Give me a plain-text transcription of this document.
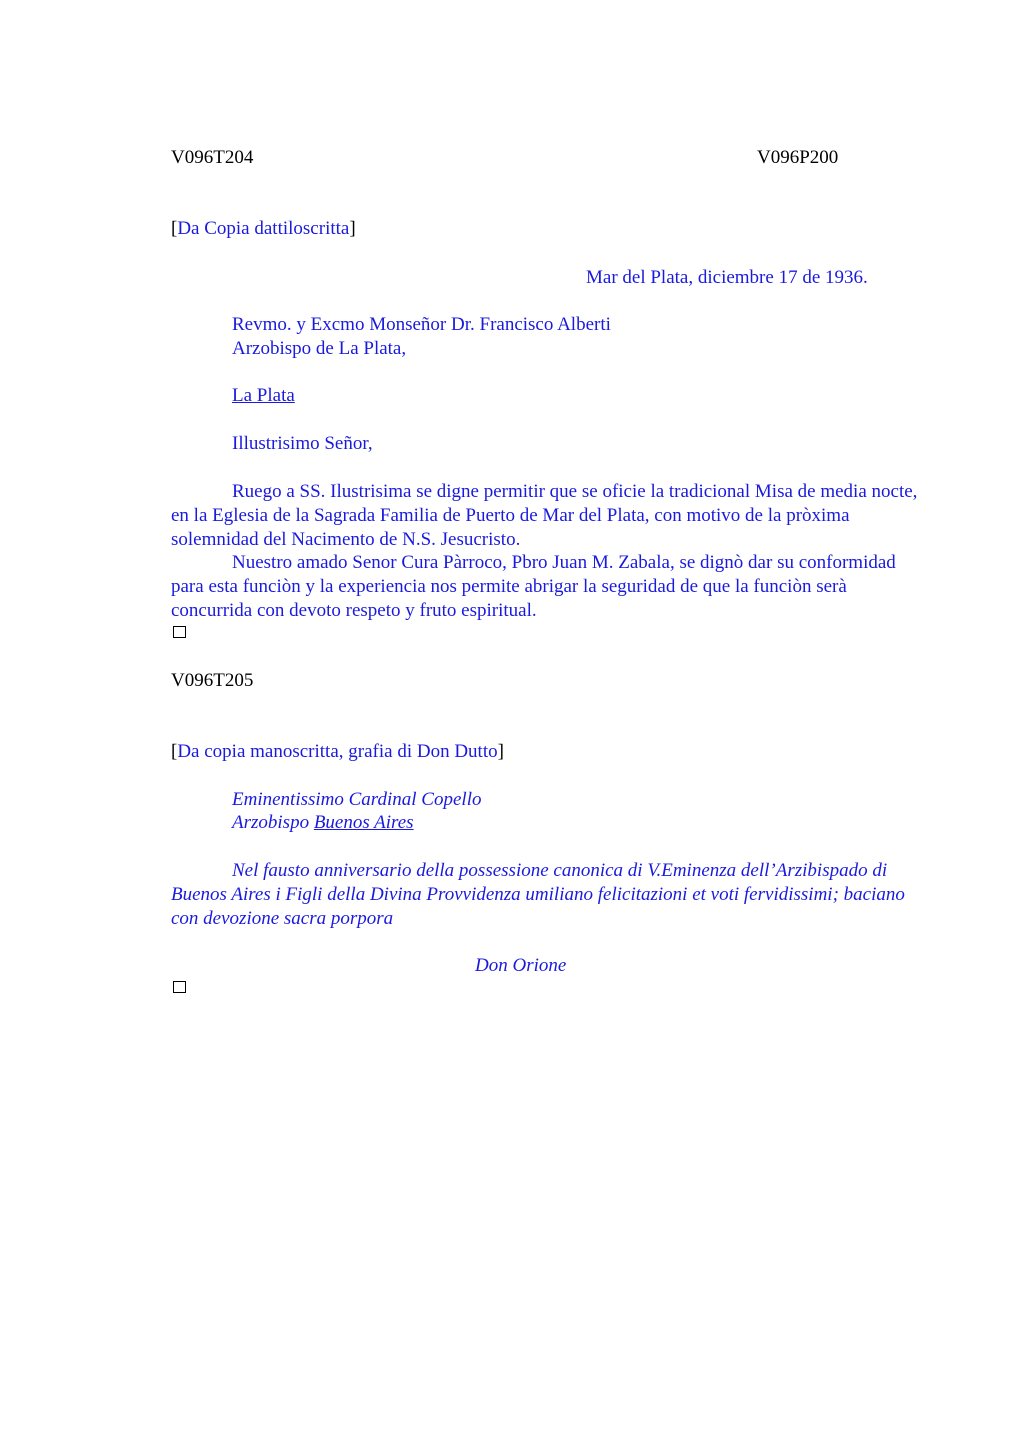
V096T204	V096P200
[Da Copia dattiloscritta]
Mar del Plata, diciembre 17 de 1936.
Revmo. y Excmo Monseñor Dr. Francisco Alberti
Arzobispo de La Plata,
La Plata
Illustrisimo Señor,
Ruego a SS. Ilustrisima se digne permitir que se oficie la tradicional Misa de media nocte, en la Eglesia de la Sagrada Familia de Puerto de Mar del Plata, con motivo de la pròxima solemnidad del Nacimento de N.S. Jesucristo.
Nuestro amado Senor Cura Pàrroco, Pbro Juan M. Zabala, se dignò dar su conformidad para esta funciòn y la experiencia nos permite abrigar la seguridad de que la funciòn serà concurrida con devoto respeto y fruto espiritual.
V096T205
[Da copia manoscritta, grafia di Don Dutto]
Eminentissimo Cardinal Copello
Arzobispo Buenos Aires
Nel fausto anniversario della possessione canonica di V.Eminenza dell’Arzibispado di Buenos Aires i Figli della Divina Provvidenza umiliano felicitazioni et voti fervidissimi; baciano con devozione sacra porpora
Don Orione
